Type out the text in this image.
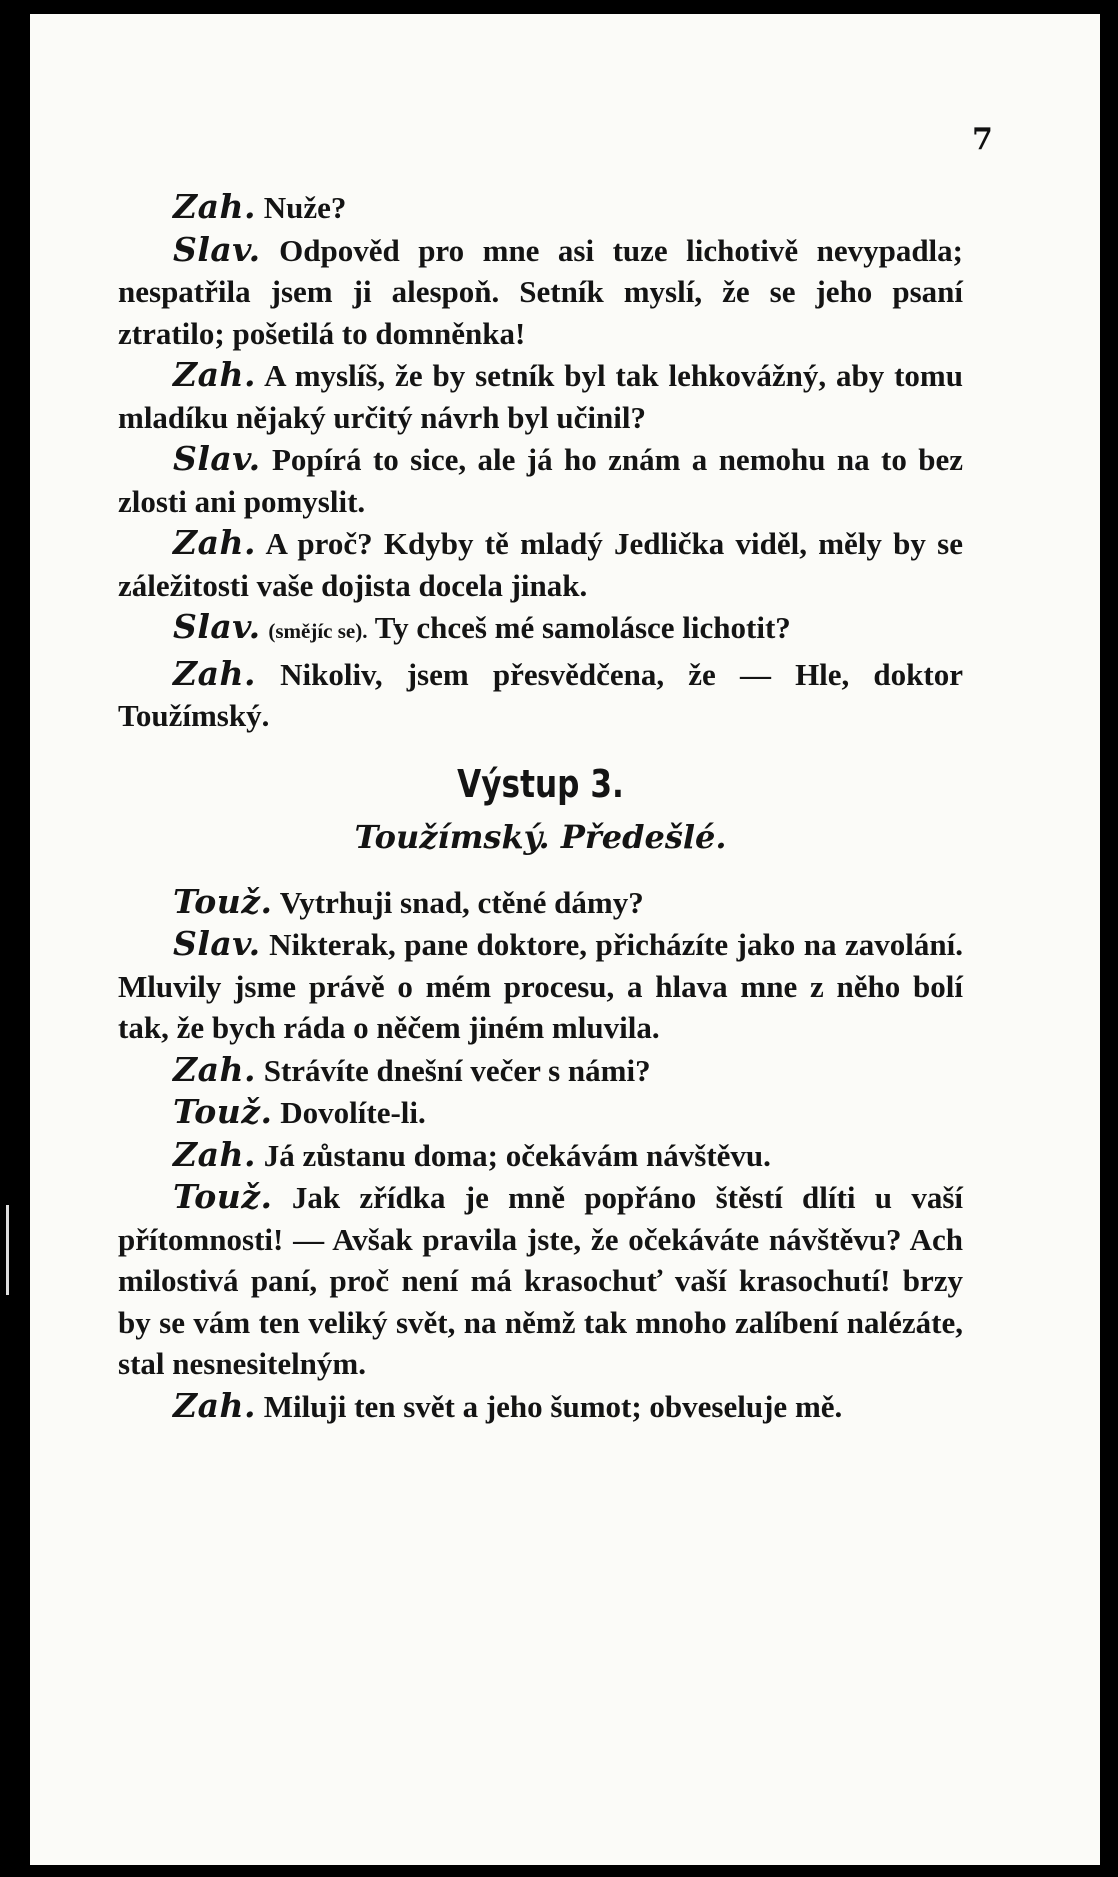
7

Zah. Nuže?

Slav. Odpověd pro mne asi tuze lichotivě nevypadla; nespatřila jsem ji alespoň. Setník myslí, že se jeho psaní ztratilo; pošetilá to domněnka!

Zah. A myslíš, že by setník byl tak lehkovážný, aby tomu mladíku nějaký určitý návrh byl učinil?

Slav. Popírá to sice, ale já ho znám a nemohu na to bez zlosti ani pomyslit.

Zah. A proč? Kdyby tě mladý Jedlička viděl, měly by se záležitosti vaše dojista docela jinak.

Slav. (smějíc se). Ty chceš mé samolásce lichotit?

Zah. Nikoliv, jsem přesvědčena, že — Hle, doktor Toužímský.

Výstup 3.
Toužímský. Předešlé.

Touž. Vytrhuji snad, ctěné dámy?

Slav. Nikterak, pane doktore, přicházíte jako na zavolání. Mluvily jsme právě o mém procesu, a hlava mne z něho bolí tak, že bych ráda o něčem jiném mluvila.

Zah. Strávíte dnešní večer s námi?

Touž. Dovolíte-li.

Zah. Já zůstanu doma; očekávám návštěvu.

Touž. Jak zřídka je mně popřáno štěstí dlíti u vaší přítomnosti! — Avšak pravila jste, že očekáváte návštěvu? Ach milostivá paní, proč není má krasochuť vaší krasochutí! brzy by se vám ten veliký svět, na němž tak mnoho zalíbení nalézáte, stal nesnesitelným.

Zah. Miluji ten svět a jeho šumot; obveseluje mě.
